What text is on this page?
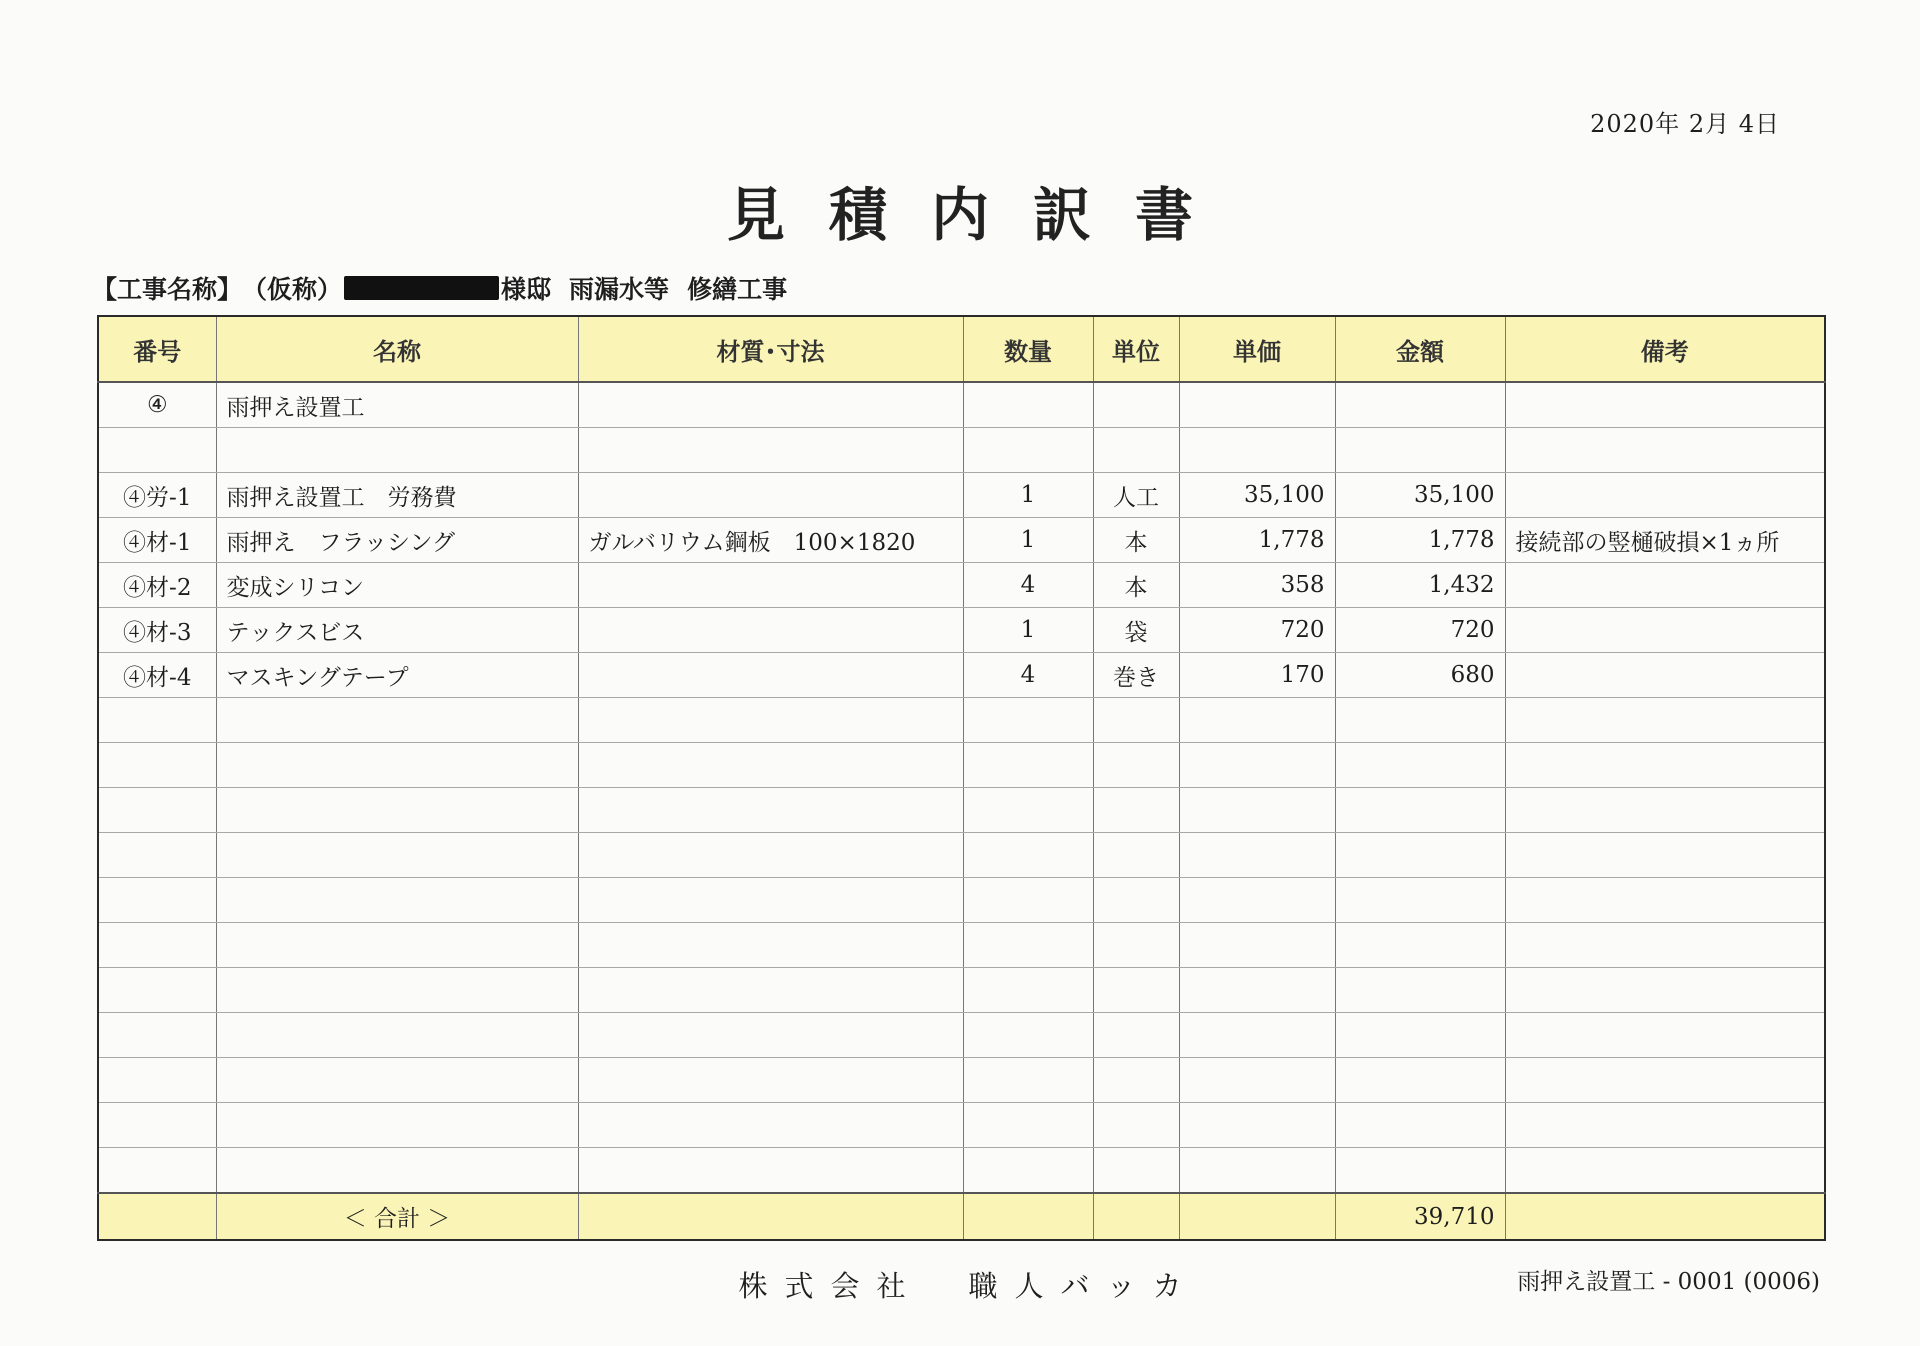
2020年 2月 4日
見積内訳書
【工事名称】 （仮称）	様邸 雨漏水等 修繕工事
番号	名称	材質･寸法	数量	単位	単価	金額	備考
④	雨押え設置工						

④労-1	雨押え設置工　労務費		1	人工	35,100	35,100	
④材-1	雨押え　フラッシング	ガルバリウム鋼板　100×1820	1	本	1,778	1,778	接続部の竪樋破損×1ヵ所
④材-2	変成シリコン		4	本	358	1,432	
④材-3	テックスビス		1	袋	720	720	
④材-4	マスキングテープ		4	巻き	170	680	

	＜ 合計 ＞					39,710	
株式会社　職人バッカ	雨押え設置工 - 0001 (0006)
